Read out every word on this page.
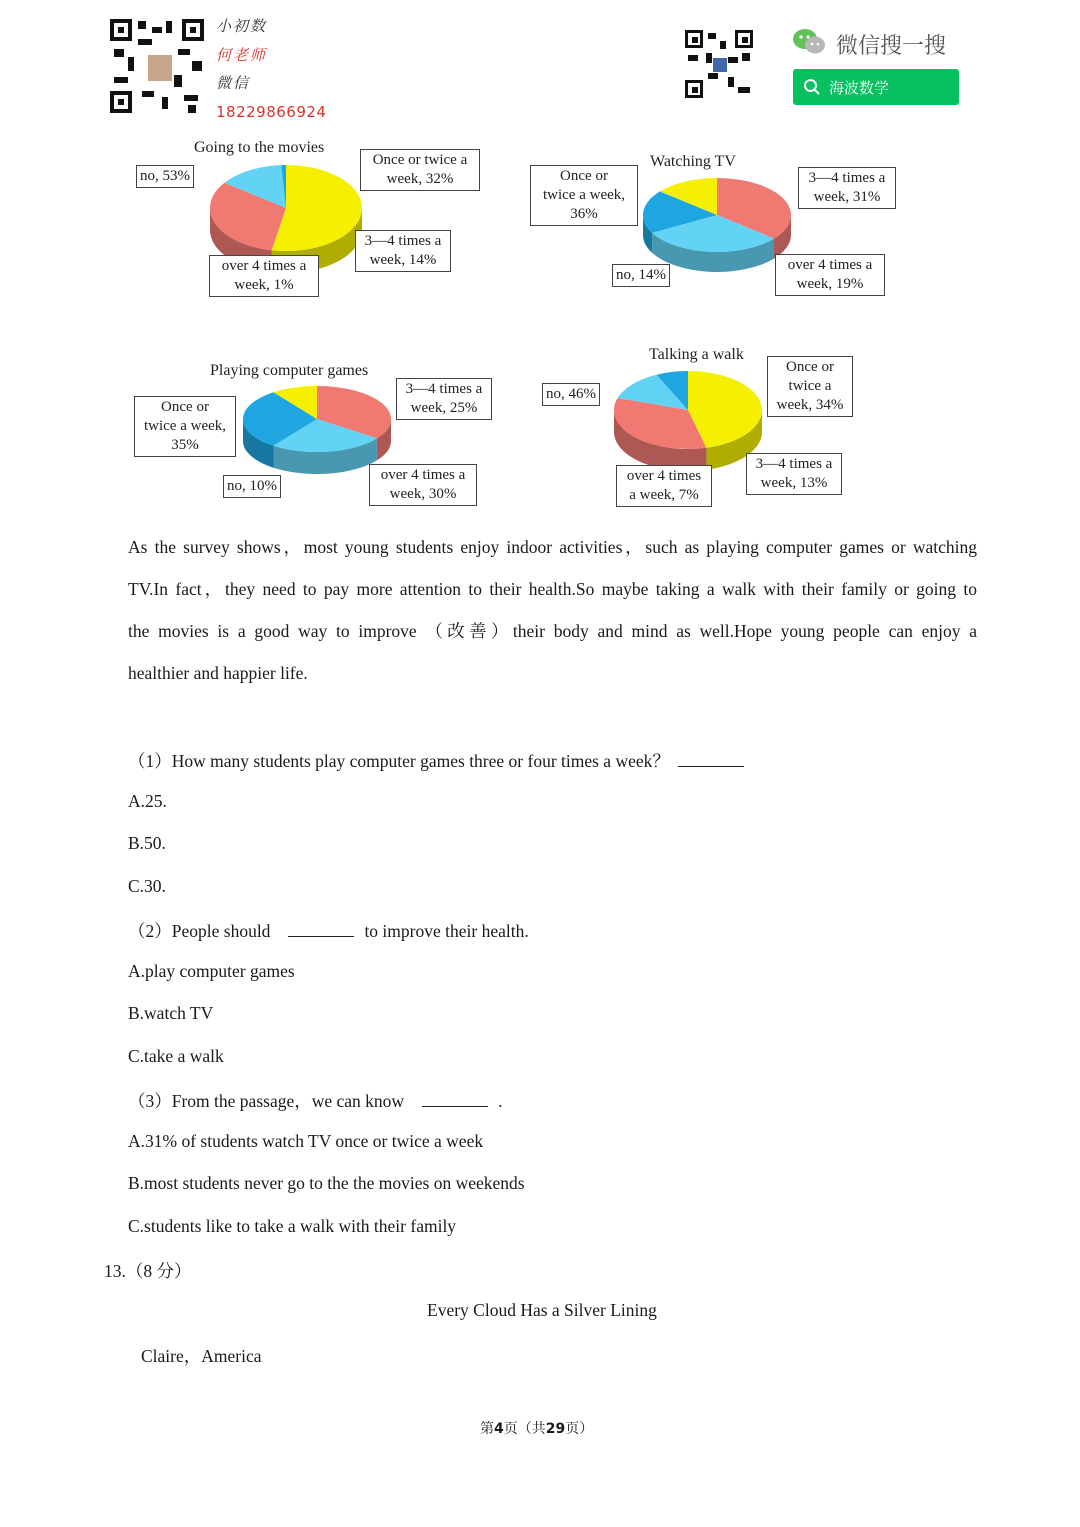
小初数
何老师
微信
18229866924
微信搜一搜
海波数学
Going to the movies
no, 53%
Once or twice a
week, 32%
3—4 times a
week, 14%
over 4 times a
week, 1%
Watching TV
Once or
twice a week,
36%
3—4 times a
week, 31%
over 4 times a
week, 19%
no, 14%
Playing computer games
Once or
twice a week,
35%
3—4 times a
week, 25%
over 4 times a
week, 30%
no, 10%
Talking a walk
no, 46%
Once or
twice a
week, 34%
3—4 times a
week, 13%
over 4 times
a week, 7%
As the survey shows，most young students enjoy indoor activities，such as playing computer games or watching
TV.In fact，they need to pay more attention to their health.So maybe taking a walk with their family or going to
the movies is a good way to improve （改善）their body and mind as well.Hope young people can enjoy a
healthier and happier life.
（1）How many students play computer games three or four times a week？
A.25.
B.50.
C.30.
（2）People should	to improve their health.
A.play computer games
B.watch TV
C.take a walk
（3）From the passage，we can know	.
A.31% of students watch TV once or twice a week
B.most students never go to the the movies on weekends
C.students like to take a walk with their family
13.（8 分）
Every Cloud Has a Silver Lining
Claire，America
第4页（共29页）
